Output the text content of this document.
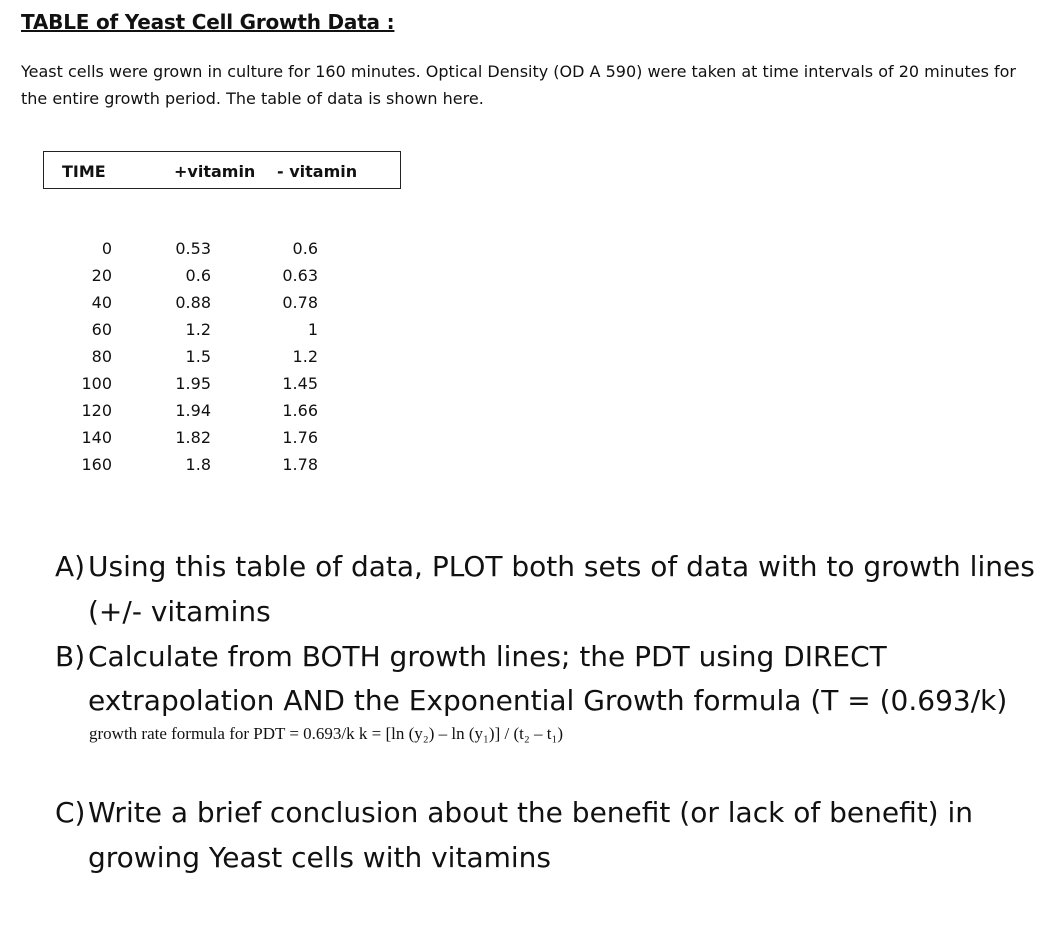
TABLE of Yeast Cell Growth Data :
Yeast cells were grown in culture for 160 minutes. Optical Density (OD A 590) were taken at time intervals of 20 minutes for the entire growth period. The table of data is shown here.
TIME	+vitamin - vitamin
0	0.53	0.6
20	0.6	0.63
40	0.88	0.78
60	1.2	1
80	1.5	1.2
100	1.95	1.45
120	1.94	1.66
140	1.82	1.76
160	1.8	1.78
A) Using this table of data, PLOT both sets of data with to growth lines
(+/- vitamins
B) Calculate from BOTH growth lines; the PDT using DIRECT
extrapolation AND the Exponential Growth formula (T = (0.693/k)
growth rate formula for PDT = 0.693/k k = [ln (y₂) – ln (y₁)] / (t₂ – t₁)
C) Write a brief conclusion about the benefit (or lack of benefit) in
growing Yeast cells with vitamins
